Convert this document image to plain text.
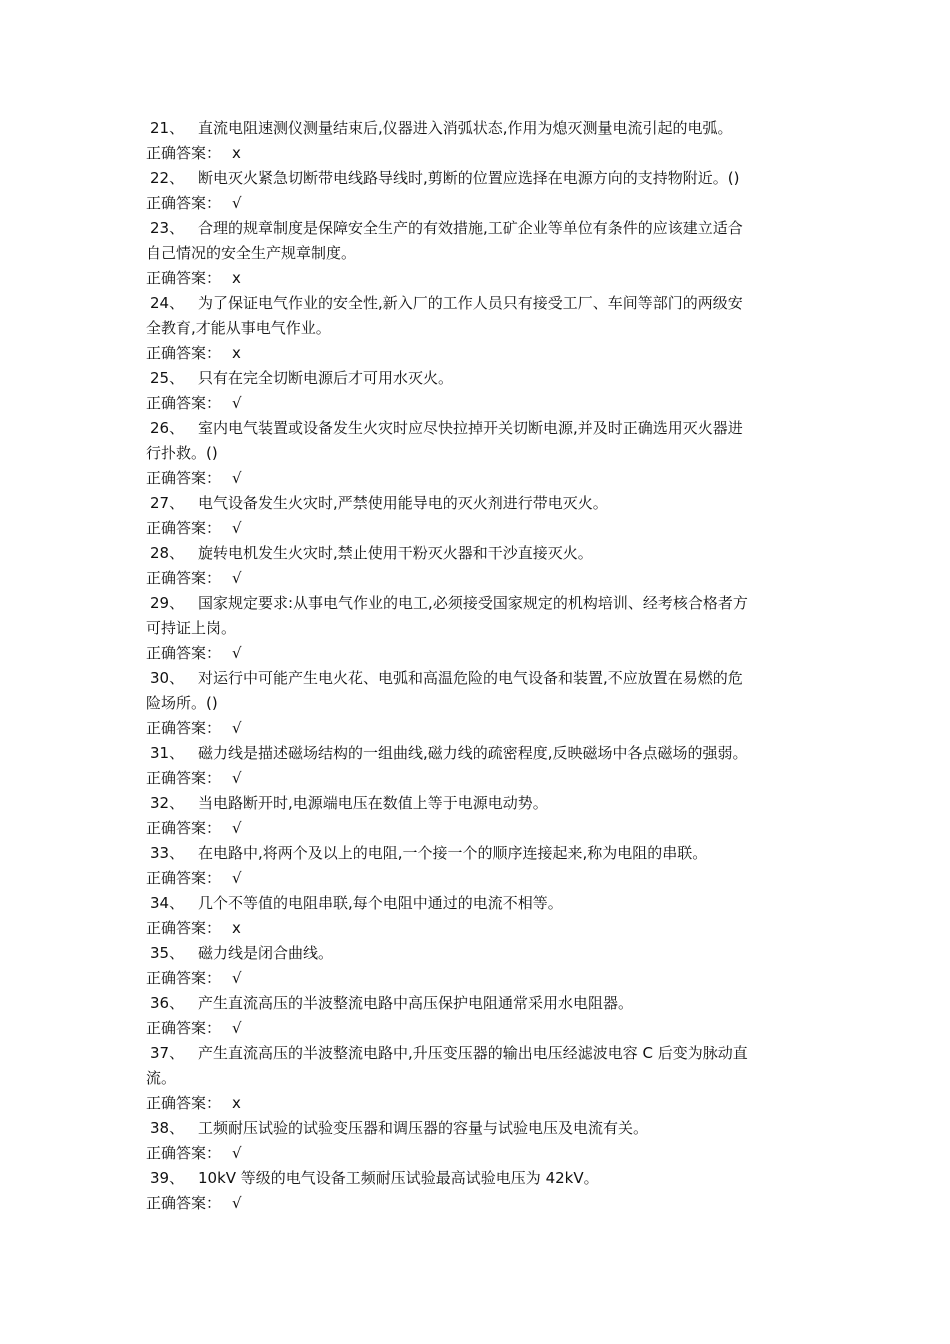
21、 直流电阻速测仪测量结束后,仪器进入消弧状态,作用为熄灭测量电流引起的电弧。
正确答案： x
22、 断电灭火紧急切断带电线路导线时,剪断的位置应选择在电源方向的支持物附近。()
正确答案： √
23、 合理的规章制度是保障安全生产的有效措施,工矿企业等单位有条件的应该建立适合
自己情况的安全生产规章制度。
正确答案： x
24、 为了保证电气作业的安全性,新入厂的工作人员只有接受工厂、车间等部门的两级安
全教育,才能从事电气作业。
正确答案： x
25、 只有在完全切断电源后才可用水灭火。
正确答案： √
26、 室内电气装置或设备发生火灾时应尽快拉掉开关切断电源,并及时正确选用灭火器进
行扑救。()
正确答案： √
27、 电气设备发生火灾时,严禁使用能导电的灭火剂进行带电灭火。
正确答案： √
28、 旋转电机发生火灾时,禁止使用干粉灭火器和干沙直接灭火。
正确答案： √
29、 国家规定要求:从事电气作业的电工,必须接受国家规定的机构培训、经考核合格者方
可持证上岗。
正确答案： √
30、 对运行中可能产生电火花、电弧和高温危险的电气设备和装置,不应放置在易燃的危
险场所。()
正确答案： √
31、 磁力线是描述磁场结构的一组曲线,磁力线的疏密程度,反映磁场中各点磁场的强弱。
正确答案： √
32、 当电路断开时,电源端电压在数值上等于电源电动势。
正确答案： √
33、 在电路中,将两个及以上的电阻,一个接一个的顺序连接起来,称为电阻的串联。
正确答案： √
34、 几个不等值的电阻串联,每个电阻中通过的电流不相等。
正确答案： x
35、 磁力线是闭合曲线。
正确答案： √
36、 产生直流高压的半波整流电路中高压保护电阻通常采用水电阻器。
正确答案： √
37、 产生直流高压的半波整流电路中,升压变压器的输出电压经滤波电容 C 后变为脉动直
流。
正确答案： x
38、 工频耐压试验的试验变压器和调压器的容量与试验电压及电流有关。
正确答案： √
39、 10kV 等级的电气设备工频耐压试验最高试验电压为 42kV。
正确答案： √
